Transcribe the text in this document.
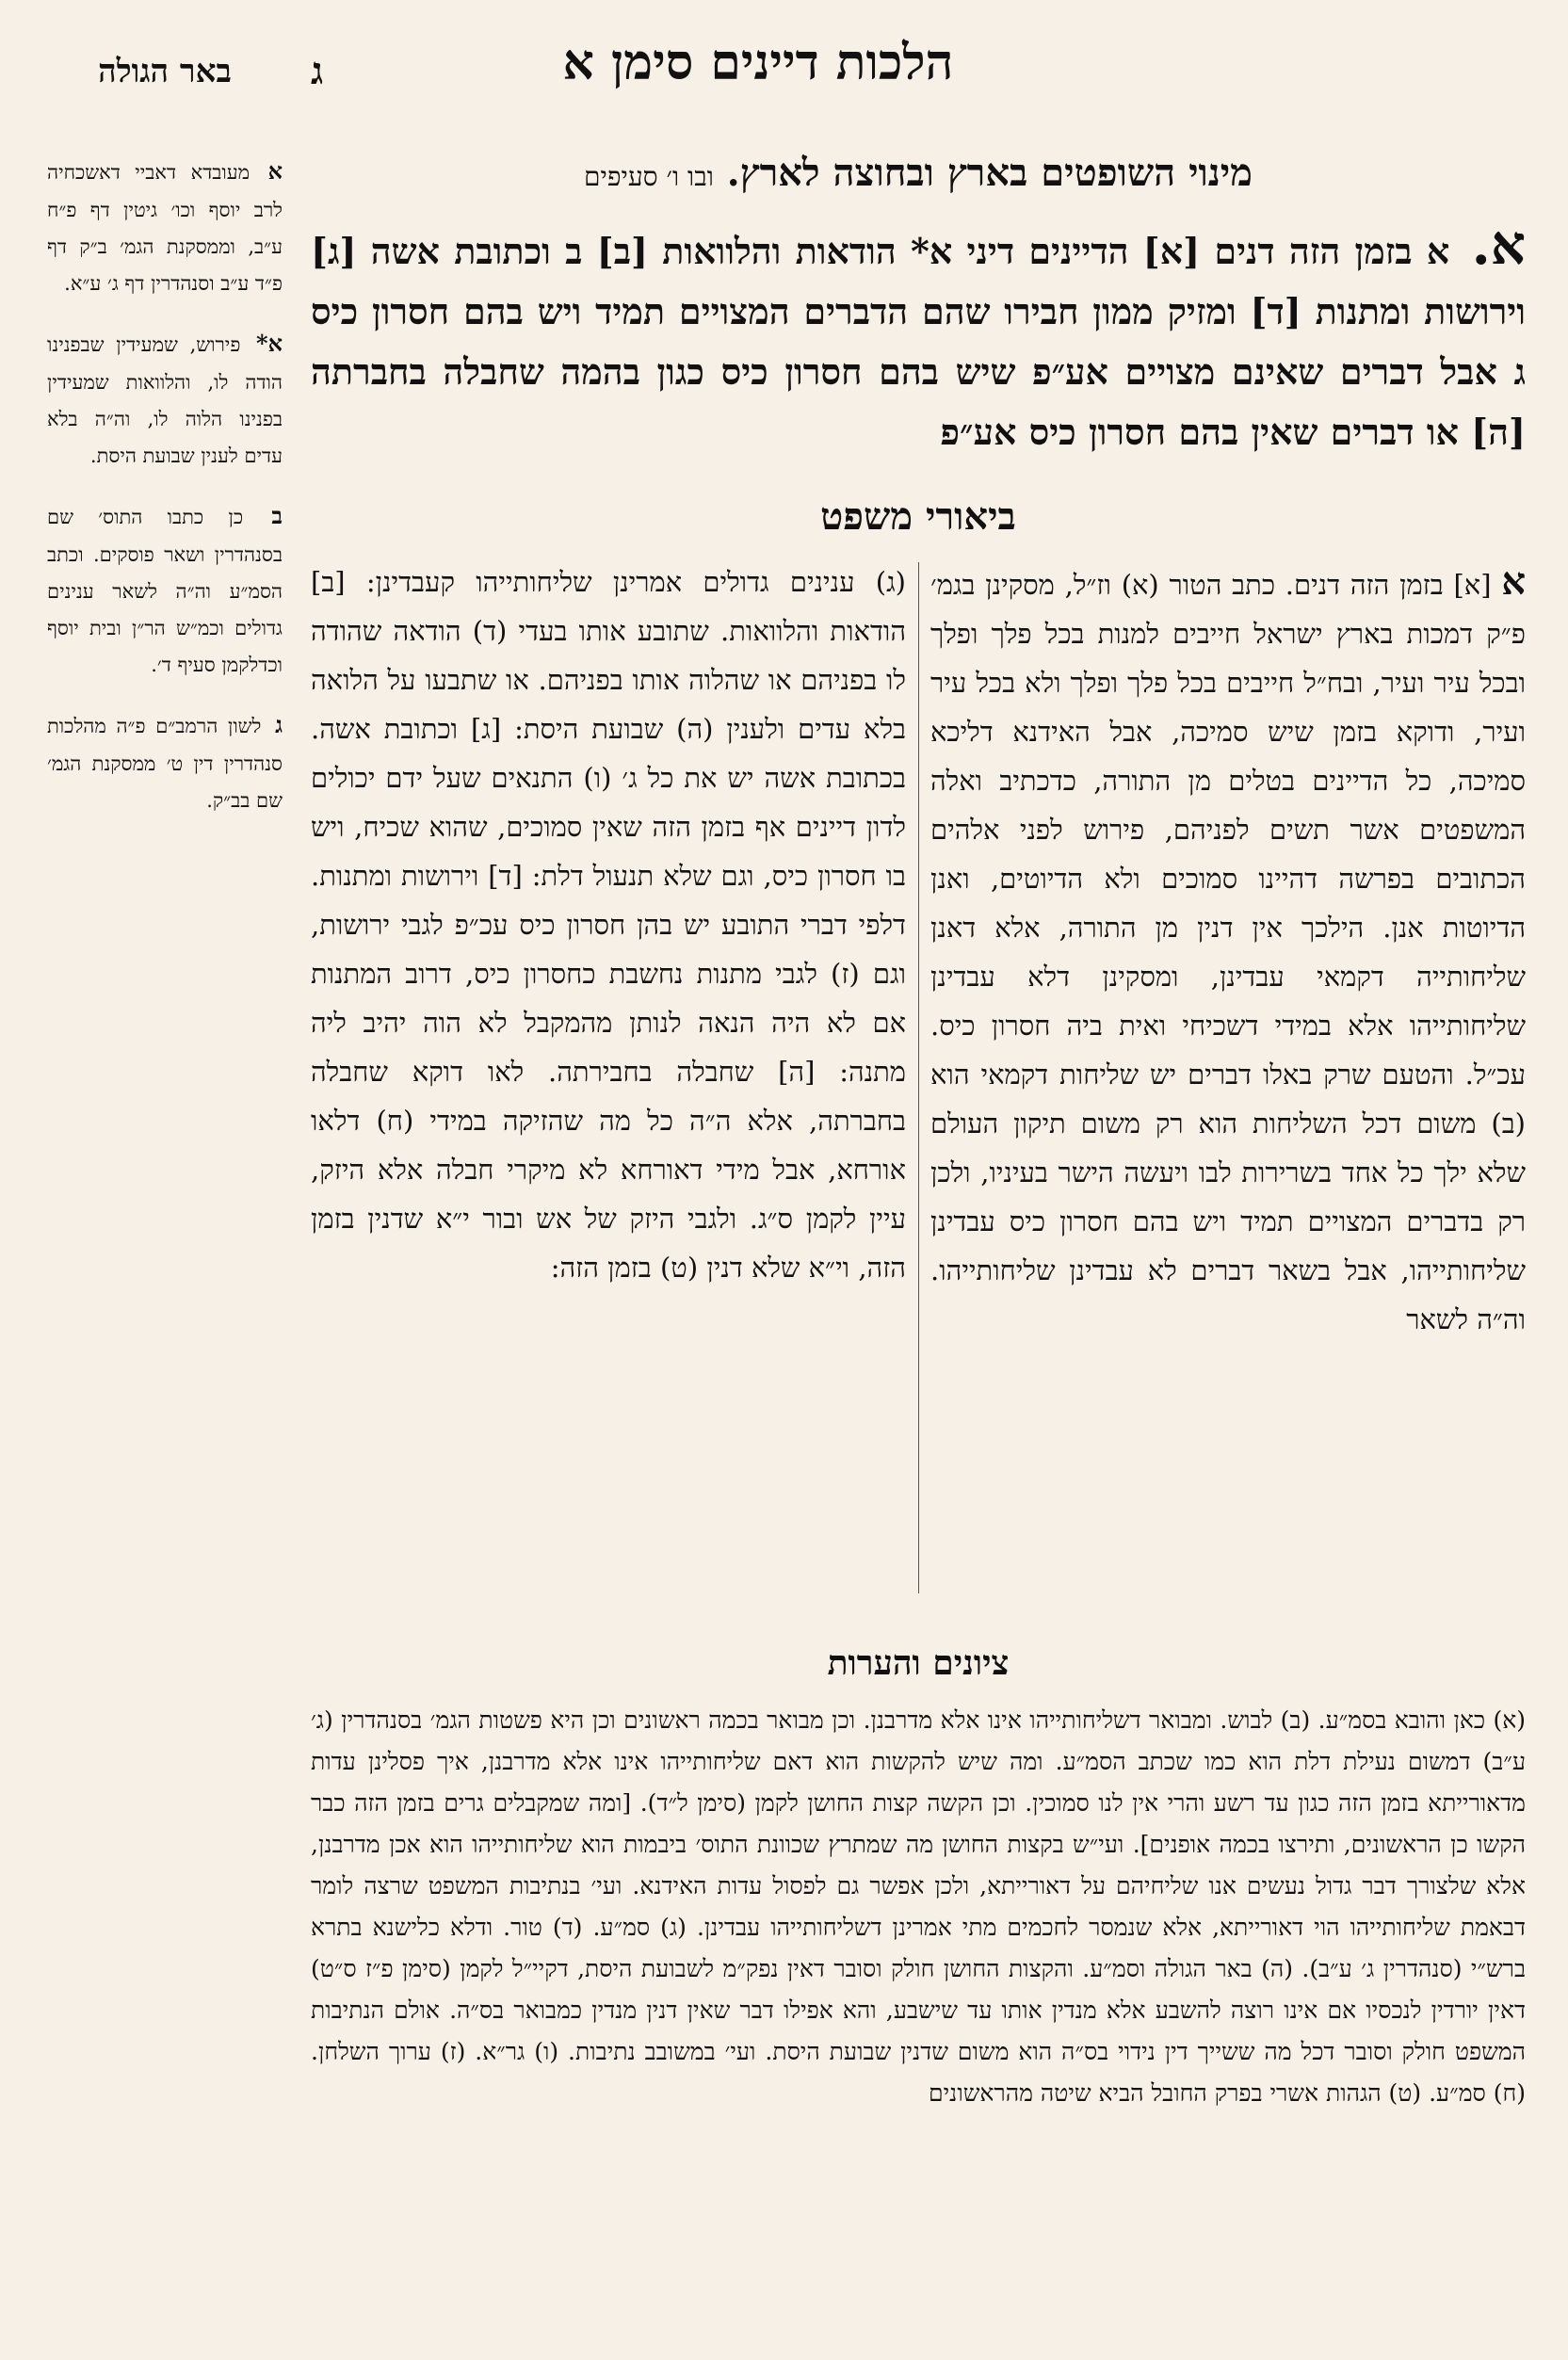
הלכות דיינים סימן א
ג
באר הגולה
א מעובדא דאביי דאשכחיה לרב יוסף וכו׳ גיטין דף פ״ח ע״ב, וממסקנת הגמ׳ ב״ק דף פ״ד ע״ב וסנהדרין דף ג׳ ע״א.
א* פירוש, שמעידין שבפנינו הודה לו, והלוואות שמעידין בפנינו הלוה לו, וה״ה בלא עדים לענין שבועת היסת.
ב כן כתבו התוס׳ שם בסנהדרין ושאר פוסקים. וכתב הסמ״ע וה״ה לשאר ענינים גדולים וכמ״ש הר״ן ובית יוסף וכדלקמן סעיף ד׳.
ג לשון הרמב״ם פ״ה מהלכות סנהדרין דין ט׳ ממסקנת הגמ׳ שם בב״ק.
מינוי השופטים בארץ ובחוצה לארץ. ובו ו׳ סעיפים
א. א בזמן הזה דנים [א] הדיינים דיני א* הודאות והלוואות [ב] ב וכתובת אשה [ג] וירושות ומתנות [ד] ומזיק ממון חבירו שהם הדברים המצויים תמיד ויש בהם חסרון כיס ג אבל דברים שאינם מצויים אע״פ שיש בהם חסרון כיס כגון בהמה שחבלה בחברתה [ה] או דברים שאין בהם חסרון כיס אע״פ
ביאורי משפט

א [א] בזמן הזה דנים. כתב הטור (א) וז״ל, מסקינן בגמ׳ פ״ק דמכות בארץ ישראל חייבים למנות בכל פלך ופלך ובכל עיר ועיר, ובח״ל חייבים בכל פלך ופלך ולא בכל עיר ועיר, ודוקא בזמן שיש סמיכה, אבל האידנא דליכא סמיכה, כל הדיינים בטלים מן התורה, כדכתיב ואלה המשפטים אשר תשים לפניהם, פירוש לפני אלהים הכתובים בפרשה דהיינו סמוכים ולא הדיוטים, ואנן הדיוטות אנן. הילכך אין דנין מן התורה, אלא דאנן שליחותייה דקמאי עבדינן, ומסקינן דלא עבדינן שליחותייהו אלא במידי דשכיחי ואית ביה חסרון כיס. עכ״ל. והטעם שרק באלו דברים יש שליחות דקמאי הוא (ב) משום דכל השליחות הוא רק משום תיקון העולם שלא ילך כל אחד בשרירות לבו ויעשה הישר בעיניו, ולכן רק בדברים המצויים תמיד ויש בהם חסרון כיס עבדינן שליחותייהו, אבל בשאר דברים לא עבדינן שליחותייהו. וה״ה לשאר

(ג) ענינים גדולים אמרינן שליחותייהו קעבדינן: [ב] הודאות והלוואות. שתובע אותו בעדי (ד) הודאה שהודה לו בפניהם או שהלוה אותו בפניהם. או שתבעו על הלואה בלא עדים ולענין (ה) שבועת היסת: [ג] וכתובת אשה. בכתובת אשה יש את כל ג׳ (ו) התנאים שעל ידם יכולים לדון דיינים אף בזמן הזה שאין סמוכים, שהוא שכיח, ויש בו חסרון כיס, וגם שלא תנעול דלת: [ד] וירושות ומתנות. דלפי דברי התובע יש בהן חסרון כיס עכ״פ לגבי ירושות, וגם (ז) לגבי מתנות נחשבת כחסרון כיס, דרוב המתנות אם לא היה הנאה לנותן מהמקבל לא הוה יהיב ליה מתנה: [ה] שחבלה בחבירתה. לאו דוקא שחבלה בחברתה, אלא ה״ה כל מה שהזיקה במידי (ח) דלאו אורחא, אבל מידי דאורחא לא מיקרי חבלה אלא היזק, עיין לקמן ס״ג. ולגבי היזק של אש ובור י״א שדנין בזמן הזה, וי״א שלא דנין (ט) בזמן הזה:

ציונים והערות

(א) כאן והובא בסמ״ע. (ב) לבוש. ומבואר דשליחותייהו אינו אלא מדרבנן. וכן מבואר בכמה ראשונים וכן היא פשטות הגמ׳ בסנהדרין (ג׳ ע״ב) דמשום נעילת דלת הוא כמו שכתב הסמ״ע. ומה שיש להקשות הוא דאם שליחותייהו אינו אלא מדרבנן, איך פסלינן עדות מדאורייתא בזמן הזה כגון עד רשע והרי אין לנו סמוכין. וכן הקשה קצות החושן לקמן (סימן ל״ד). [ומה שמקבלים גרים בזמן הזה כבר הקשו כן הראשונים, ותירצו בכמה אופנים]. ועי״ש בקצות החושן מה שמתרץ שכוונת התוס׳ ביבמות הוא שליחותייהו הוא אכן מדרבנן, אלא שלצורך דבר גדול נעשים אנו שליחיהם על דאורייתא, ולכן אפשר גם לפסול עדות האידנא. ועי׳ בנתיבות המשפט שרצה לומר דבאמת שליחותייהו הוי דאורייתא, אלא שנמסר לחכמים מתי אמרינן דשליחותייהו עבדינן. (ג) סמ״ע. (ד) טור. ודלא כלישנא בתרא ברש״י (סנהדרין ג׳ ע״ב). (ה) באר הגולה וסמ״ע. והקצות החושן חולק וסובר דאין נפק״מ לשבועת היסת, דקיי״ל לקמן (סימן פ״ז ס״ט) דאין יורדין לנכסיו אם אינו רוצה להשבע אלא מנדין אותו עד שישבע, והא אפילו דבר שאין דנין מנדין כמבואר בס״ה. אולם הנתיבות המשפט חולק וסובר דכל מה ששייך דין נידוי בס״ה הוא משום שדנין שבועת היסת. ועי׳ במשובב נתיבות. (ו) גר״א. (ז) ערוך השלחן. (ח) סמ״ע. (ט) הגהות אשרי בפרק החובל הביא שיטה מהראשונים
